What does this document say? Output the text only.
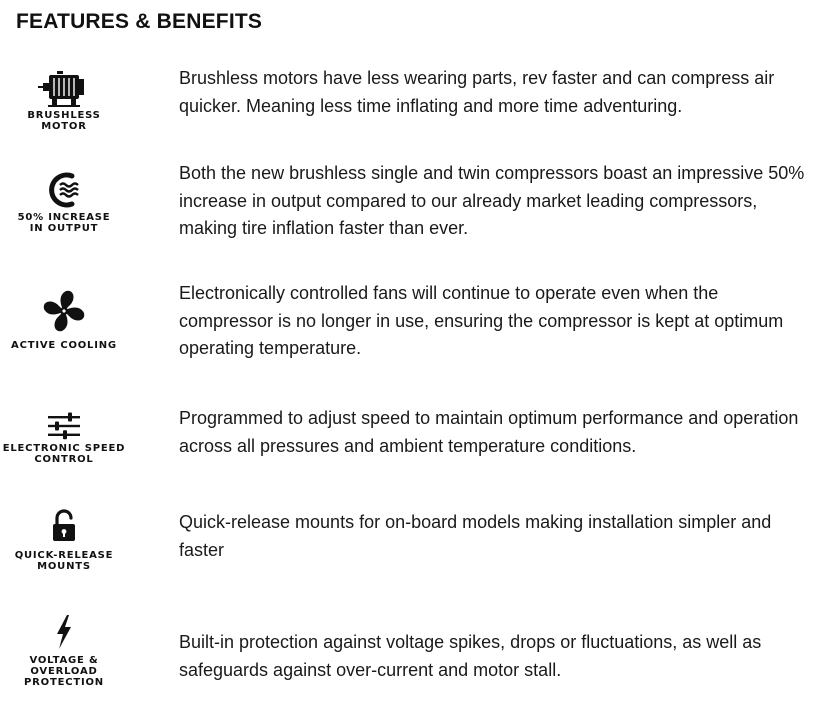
FEATURES & BENEFITS
BRUSHLESS
MOTOR
Brushless motors have less wearing parts, rev faster and can compress air quicker. Meaning less time inflating and more time adventuring.
50% INCREASE
IN OUTPUT
Both the new brushless single and twin compressors boast an impressive 50% increase in output compared to our already market leading compressors, making tire inflation faster than ever.
ACTIVE COOLING
Electronically controlled fans will continue to operate even when the compressor is no longer in use, ensuring the compressor is kept at optimum operating temperature.
ELECTRONIC SPEED
CONTROL
Programmed to adjust speed to maintain optimum performance and operation across all pressures and ambient temperature conditions.
QUICK-RELEASE
MOUNTS
Quick-release mounts for on-board models making installation simpler and faster
VOLTAGE &
OVERLOAD
PROTECTION
Built-in protection against voltage spikes, drops or fluctuations, as well as safeguards against over-current and motor stall.
